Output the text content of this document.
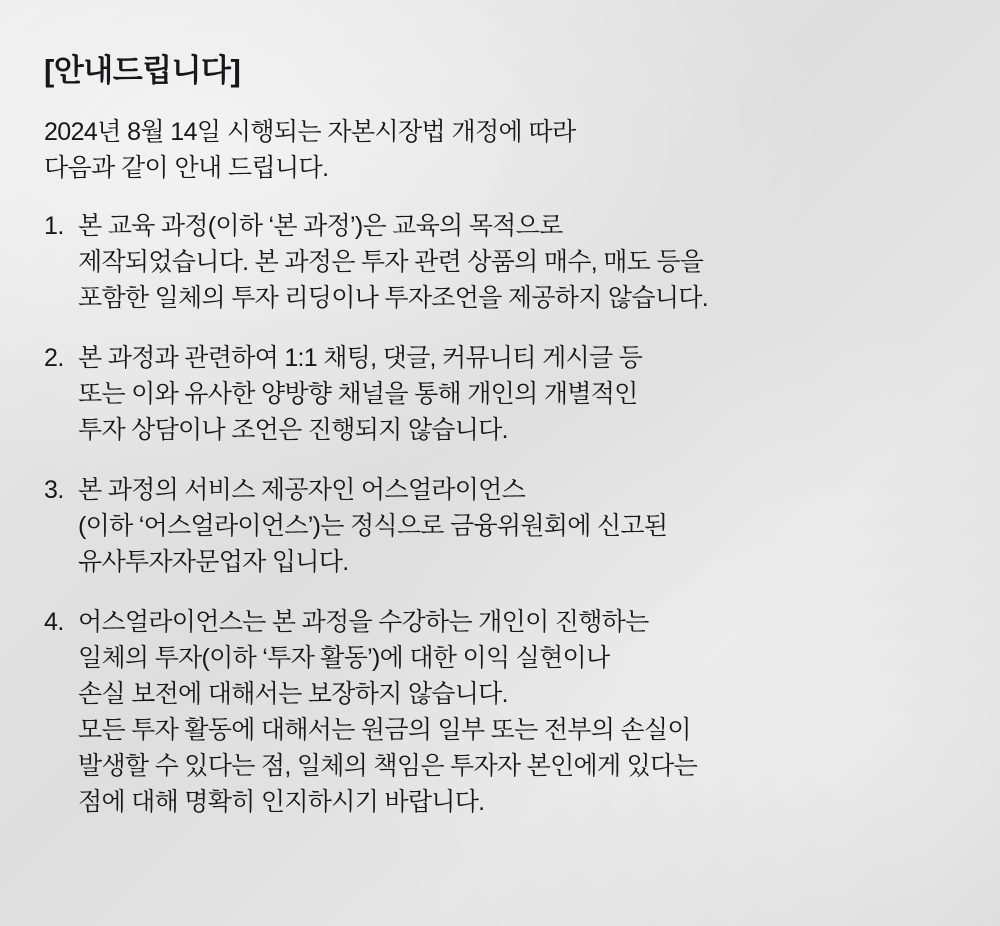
[안내드립니다]
2024년 8월 14일 시행되는 자본시장법 개정에 따라
다음과 같이 안내 드립니다.
1. 본 교육 과정(이하 ‘본 과정’)은 교육의 목적으로
제작되었습니다. 본 과정은 투자 관련 상품의 매수, 매도 등을
포함한 일체의 투자 리딩이나 투자조언을 제공하지 않습니다.
2. 본 과정과 관련하여 1:1 채팅, 댓글, 커뮤니티 게시글 등
또는 이와 유사한 양방향 채널을 통해 개인의 개별적인
투자 상담이나 조언은 진행되지 않습니다.
3. 본 과정의 서비스 제공자인 어스얼라이언스
(이하 ‘어스얼라이언스’)는 정식으로 금융위원회에 신고된
유사투자자문업자 입니다.
4. 어스얼라이언스는 본 과정을 수강하는 개인이 진행하는
일체의 투자(이하 ‘투자 활동’)에 대한 이익 실현이나
손실 보전에 대해서는 보장하지 않습니다.
모든 투자 활동에 대해서는 원금의 일부 또는 전부의 손실이
발생할 수 있다는 점, 일체의 책임은 투자자 본인에게 있다는
점에 대해 명확히 인지하시기 바랍니다.
